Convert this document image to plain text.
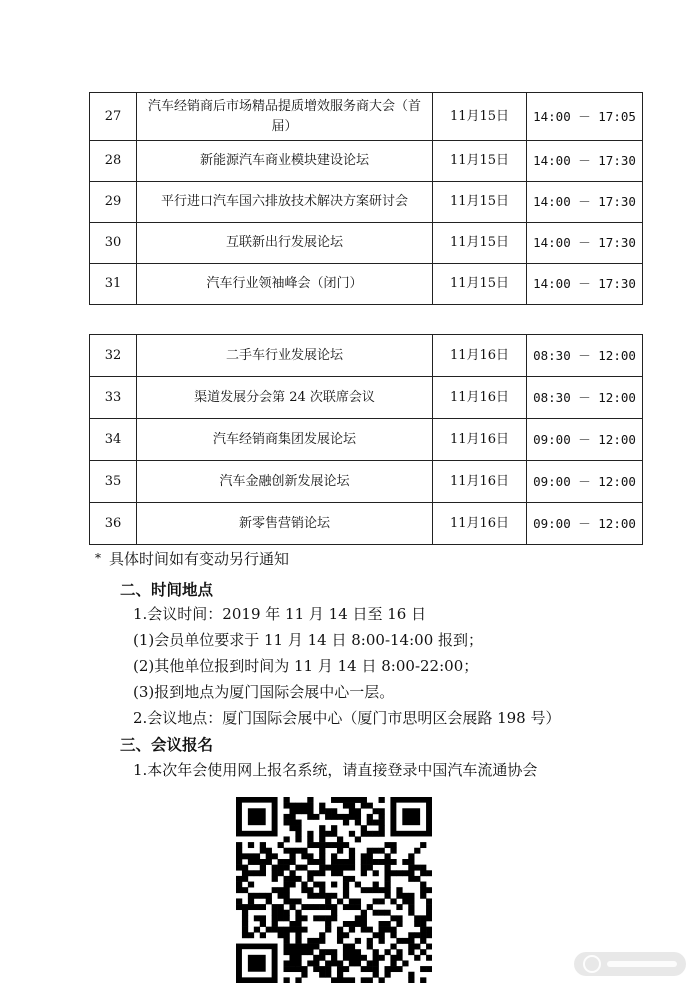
27	汽车经销商后市场精品提质增效服务商大会（首届）	11月15日	14:00 － 17:05
28	新能源汽车商业模块建设论坛	11月15日	14:00 － 17:30
29	平行进口汽车国六排放技术解决方案研讨会	11月15日	14:00 － 17:30
30	互联新出行发展论坛	11月15日	14:00 － 17:30
31	汽车行业领袖峰会（闭门）	11月15日	14:00 － 17:30
32	二手车行业发展论坛	11月16日	08:30 － 12:00
33	渠道发展分会第 24 次联席会议	11月16日	08:30 － 12:00
34	汽车经销商集团发展论坛	11月16日	09:00 － 12:00
35	汽车金融创新发展论坛	11月16日	09:00 － 12:00
36	新零售营销论坛	11月16日	09:00 － 12:00
* 具体时间如有变动另行通知
二、时间地点
1.会议时间：2019 年 11 月 14 日至 16 日
(1)会员单位要求于 11 月 14 日 8:00-14:00 报到；
(2)其他单位报到时间为 11 月 14 日 8:00-22:00；
(3)报到地点为厦门国际会展中心一层。
2.会议地点：厦门国际会展中心（厦门市思明区会展路 198 号）
三、会议报名
1.本次年会使用网上报名系统，请直接登录中国汽车流通协会
